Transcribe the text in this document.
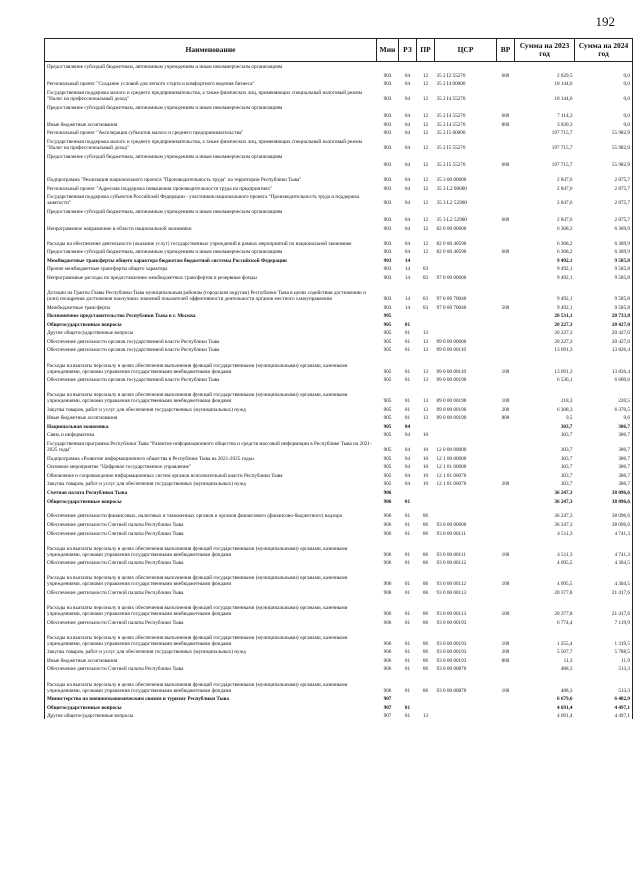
192
Наименование	Мин	РЗ	ПР	ЦСР	ВР	Сумма на 2023 год	Сумма на 2024 год
Предоставление субсидий бюджетным, автономным учреждениям и иным некоммерческим организациям							
	903	04	12	35 2 I2 55270	600	2 629,5	0,0
Региональный проект "Создание условий для легкого старта и комфортного ведения бизнеса"	903	04	12	35 2 I4 00000		10 144,6	0,0
Государственная поддержка малого и среднего предпринимательства, а также физических лиц, применяющих специальный налоговый режим "Налог на профессиональный доход"	903	04	12	35 2 I4 55270		10 144,6	0,0
Предоставление субсидий бюджетным, автономным учреждениям и иным некоммерческим организациям							
	903	04	12	35 2 I4 55270	600	7 114,3	0,0
Иные бюджетные ассигнования	903	04	12	35 2 I4 55270	800	3 030,3	0,0
Региональный проект "Акселерация субъектов малого и среднего предпринимательства"	903	04	12	35 2 I5 00000		197 715,7	55 982,9
Государственная поддержка малого и среднего предпринимательства, а также физических лиц, применяющих специальный налоговый режим "Налог на профессиональный доход"	903	04	12	35 2 I5 55270		197 715,7	55 982,9
Предоставление субсидий бюджетным, автономным учреждениям и иным некоммерческим организациям							
	903	04	12	35 2 I5 55270	600	197 715,7	55 982,9
Подпрограмма "Реализация национального проекта "Производительность труда" на территории Республики Тыва"	903	04	12	35 3 00 00000		2 847,6	2 875,7
Региональный проект "Адресная поддержка повышения производительности труда на предприятиях"	903	04	12	35 3 L2 00000		2 847,6	2 875,7
Государственная поддержка субъектов Российской Федерации - участников национального проекта "Производительность труда и поддержка занятости"	903	04	12	35 3 L2 52960		2 847,6	2 875,7
Предоставление субсидий бюджетным, автономным учреждениям и иным некоммерческим организациям							
	903	04	12	35 3 L2 52960	600	2 847,6	2 875,7
Непрограммное направление в области национальной экономики	903	04	12	82 0 00 00000		6 308,2	6 369,9
Расходы на обеспечение деятельности (оказание услуг) государственных учреждений в рамках мероприятий по национальной экономике	903	04	12	82 0 00 40590		6 308,2	6 369,9
Предоставление субсидий бюджетным, автономным учреждениям и иным некоммерческим организациям	903	04	12	82 0 00 40590	600	6 308,2	6 369,9
Межбюджетные трансферты общего характера бюджетам бюджетной системы Российской Федерации	903	14				9 492,1	9 585,8
Прочие межбюджетные трансферты общего характера	903	14	03			9 492,1	9 585,8
Непрограммные расходы по предоставлению межбюджетных трансфертов и резервные фонды	903	14	03	97 0 00 00000		9 492,1	9 585,8
Дотации на Гранты Главы Республики Тыва муниципальным районам (городским округам) Республики Тыва в целях содействия достижению и (или) поощрения достижения наилучших значений показателей эффективности деятельности органов местного самоуправления	903	14	03	97 0 00 70040		9 492,1	9 585,8
Межбюджетные трансферты	903	14	03	97 0 00 70040	500	9 492,1	9 585,8
Полномочное представительство Республики Тыва в г. Москва	905					20 531,1	20 733,8
Общегосударственные вопросы	905	01				20 227,3	20 427,0
Другие общегосударственные вопросы	905	01	13			20 227,3	20 427,0
Обеспечение деятельности органов государственной власти Республики Тыва	905	01	13	89 0 00 00000		20 227,3	20 427,0
Обеспечение деятельности органов государственной власти Республики Тыва	905	01	13	89 0 00 00110		13 691,3	13 826,4
Расходы на выплаты персоналу в целях обеспечения выполнения функций государственными (муниципальными) органами, казенными учреждениями, органами управления государственными внебюджетными фондами	905	01	13	89 0 00 00110	100	13 691,3	13 826,4
Обеспечение деятельности органов государственной власти Республики Тыва	905	01	13	89 0 00 00190		6 536,1	6 600,6
Расходы на выплаты персоналу в целях обеспечения выполнения функций государственными (муниципальными) органами, казенными учреждениями, органами управления государственными внебюджетными фондами	905	01	13	89 0 00 00190	100	218,3	220,5
Закупка товаров, работ и услуг для обеспечения государственных (муниципальных) нужд	905	01	13	89 0 00 00190	200	6 308,3	6 370,5
Иные бюджетные ассигнования	905	01	13	89 0 00 00190	800	9,5	9,6
Национальная экономика	905	04				303,7	306,7
Связь и информатика	905	04	10			303,7	306,7
Государственная программа Республики Тыва "Развитие информационного общества и средств массовой информации в Республике Тыва на 2021-2025 годы"	905	04	10	12 0 00 00000		303,7	306,7
Подпрограмма «Развитие информационного общества в Республике Тыва на 2021-2025 годы»	905	04	10	12 1 00 00000		303,7	306,7
Основное мероприятие "Цифровое государственное управление"	905	04	10	12 1 01 00000		303,7	306,7
Обновление и сопровождение информационных систем органов исполнительной власти Республики Тыва	905	04	10	12 1 01 00070		303,7	306,7
Закупка товаров, работ и услуг для обеспечения государственных (муниципальных) нужд	905	04	10	12 1 01 00070	200	303,7	306,7
Счетная палата Республики Тыва	906					36 247,3	38 096,6
Общегосударственные вопросы	906	01				36 247,3	38 096,6
Обеспечение деятельности финансовых, налоговых и таможенных органов и органов финансового (финансово-бюджетного) надзора	906	01	06			36 247,3	38 096,6
Обеспечение деятельности Счетной палаты Республики Тыва	906	01	06	93 0 00 00000		36 247,3	38 096,6
Обеспечение деятельности Счетной палаты Республики Тыва	906	01	06	93 0 00 00111		4 511,3	4 741,3
Расходы на выплаты персоналу в целях обеспечения выполнения функций государственными (муниципальными) органами, казенными учреждениями, органами управления государственными внебюджетными фондами	906	01	06	93 0 00 00111	100	4 511,3	4 741,3
Обеспечение деятельности Счетной палаты Республики Тыва	906	01	06	93 0 00 00112		4 095,5	4 304,5
Расходы на выплаты персоналу в целях обеспечения выполнения функций государственными (муниципальными) органами, казенными учреждениями, органами управления государственными внебюджетными фондами	906	01	06	93 0 00 00112	100	4 095,5	4 304,5
Обеспечение деятельности Счетной палаты Республики Тыва	906	01	06	93 0 00 00113		20 377,8	21 417,6
Расходы на выплаты персоналу в целях обеспечения выполнения функций государственными (муниципальными) органами, казенными учреждениями, органами управления государственными внебюджетными фондами	906	01	06	93 0 00 00113	100	20 377,8	21 417,6
Обеспечение деятельности Счетной палаты Республики Тыва	906	01	06	93 0 00 00193		6 774,4	7 119,9
Расходы на выплаты персоналу в целях обеспечения выполнения функций государственными (муниципальными) органами, казенными учреждениями, органами управления государственными внебюджетными фондами	906	01	06	93 0 00 00193	100	1 255,4	1 319,5
Закупка товаров, работ и услуг для обеспечения государственных (муниципальных) нужд	906	01	06	93 0 00 00193	200	5 507,7	5 788,5
Иные бюджетные ассигнования	906	01	06	93 0 00 00193	800	11,3	11,9
Обеспечение деятельности Счетной палаты Республики Тыва	906	01	06	93 0 00 00870		488,3	513,3
Расходы на выплаты персоналу в целях обеспечения выполнения функций государственными (муниципальными) органами, казенными учреждениями, органами управления государственными внебюджетными фондами	906	01	06	93 0 00 00870	100	488,3	513,3
Министерство по внешнеэкономическим связям и туризму Республики Тыва	907					6 679,6	6 402,9
Общегосударственные вопросы	907	01				4 691,4	4 497,1
Другие общегосударственные вопросы	907	01	13			4 691,4	4 497,1
